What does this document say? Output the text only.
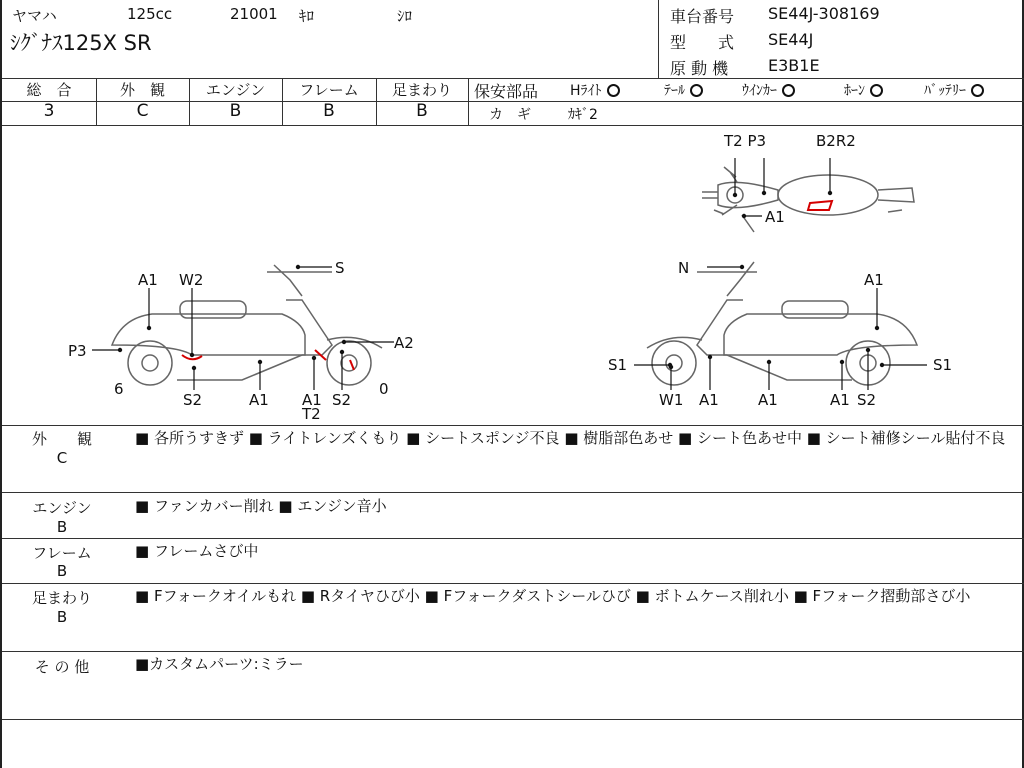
ヤマハ	125cc	21001 ｷﾛ	ｼﾛ
ｼｸﾞﾅｽ125X SR
車台番号 SE44J-308169
型　　式 SE44J
原 動 機 E3B1E
総　合	外　観	エンジン	フレーム	足まわり
3	C	B	B	B
保安部品 Hﾗｲﾄ	ﾃｰﾙ	ｳｲﾝｶｰ	ﾎｰﾝ	ﾊﾞｯﾃﾘｰ
カ　ギ	ｶｷﾞ2
T2 P3	B2R2
A1
A1 W2
S
P3	A2
6	0
S2	A1 A1
T2
S2
N
A1
S1	S1
W1 A1	A1	A1 S2
外　　観
C
■ 各所うすきず ■ ライトレンズくもり ■ シートスポンジ不良 ■ 樹脂部色あせ ■ シート色あせ中 ■ シート補修シール貼付不良
エンジン
B
■ ファンカバー削れ ■ エンジン音小
フレーム
B
■ フレームさび中
足まわり
B
■ Fフォークオイルもれ ■ Rタイヤひび小 ■ Fフォークダストシールひび ■ ボトムケース削れ小 ■ Fフォーク摺動部さび小
そ の 他	■カスタムパーツ:ミラー
